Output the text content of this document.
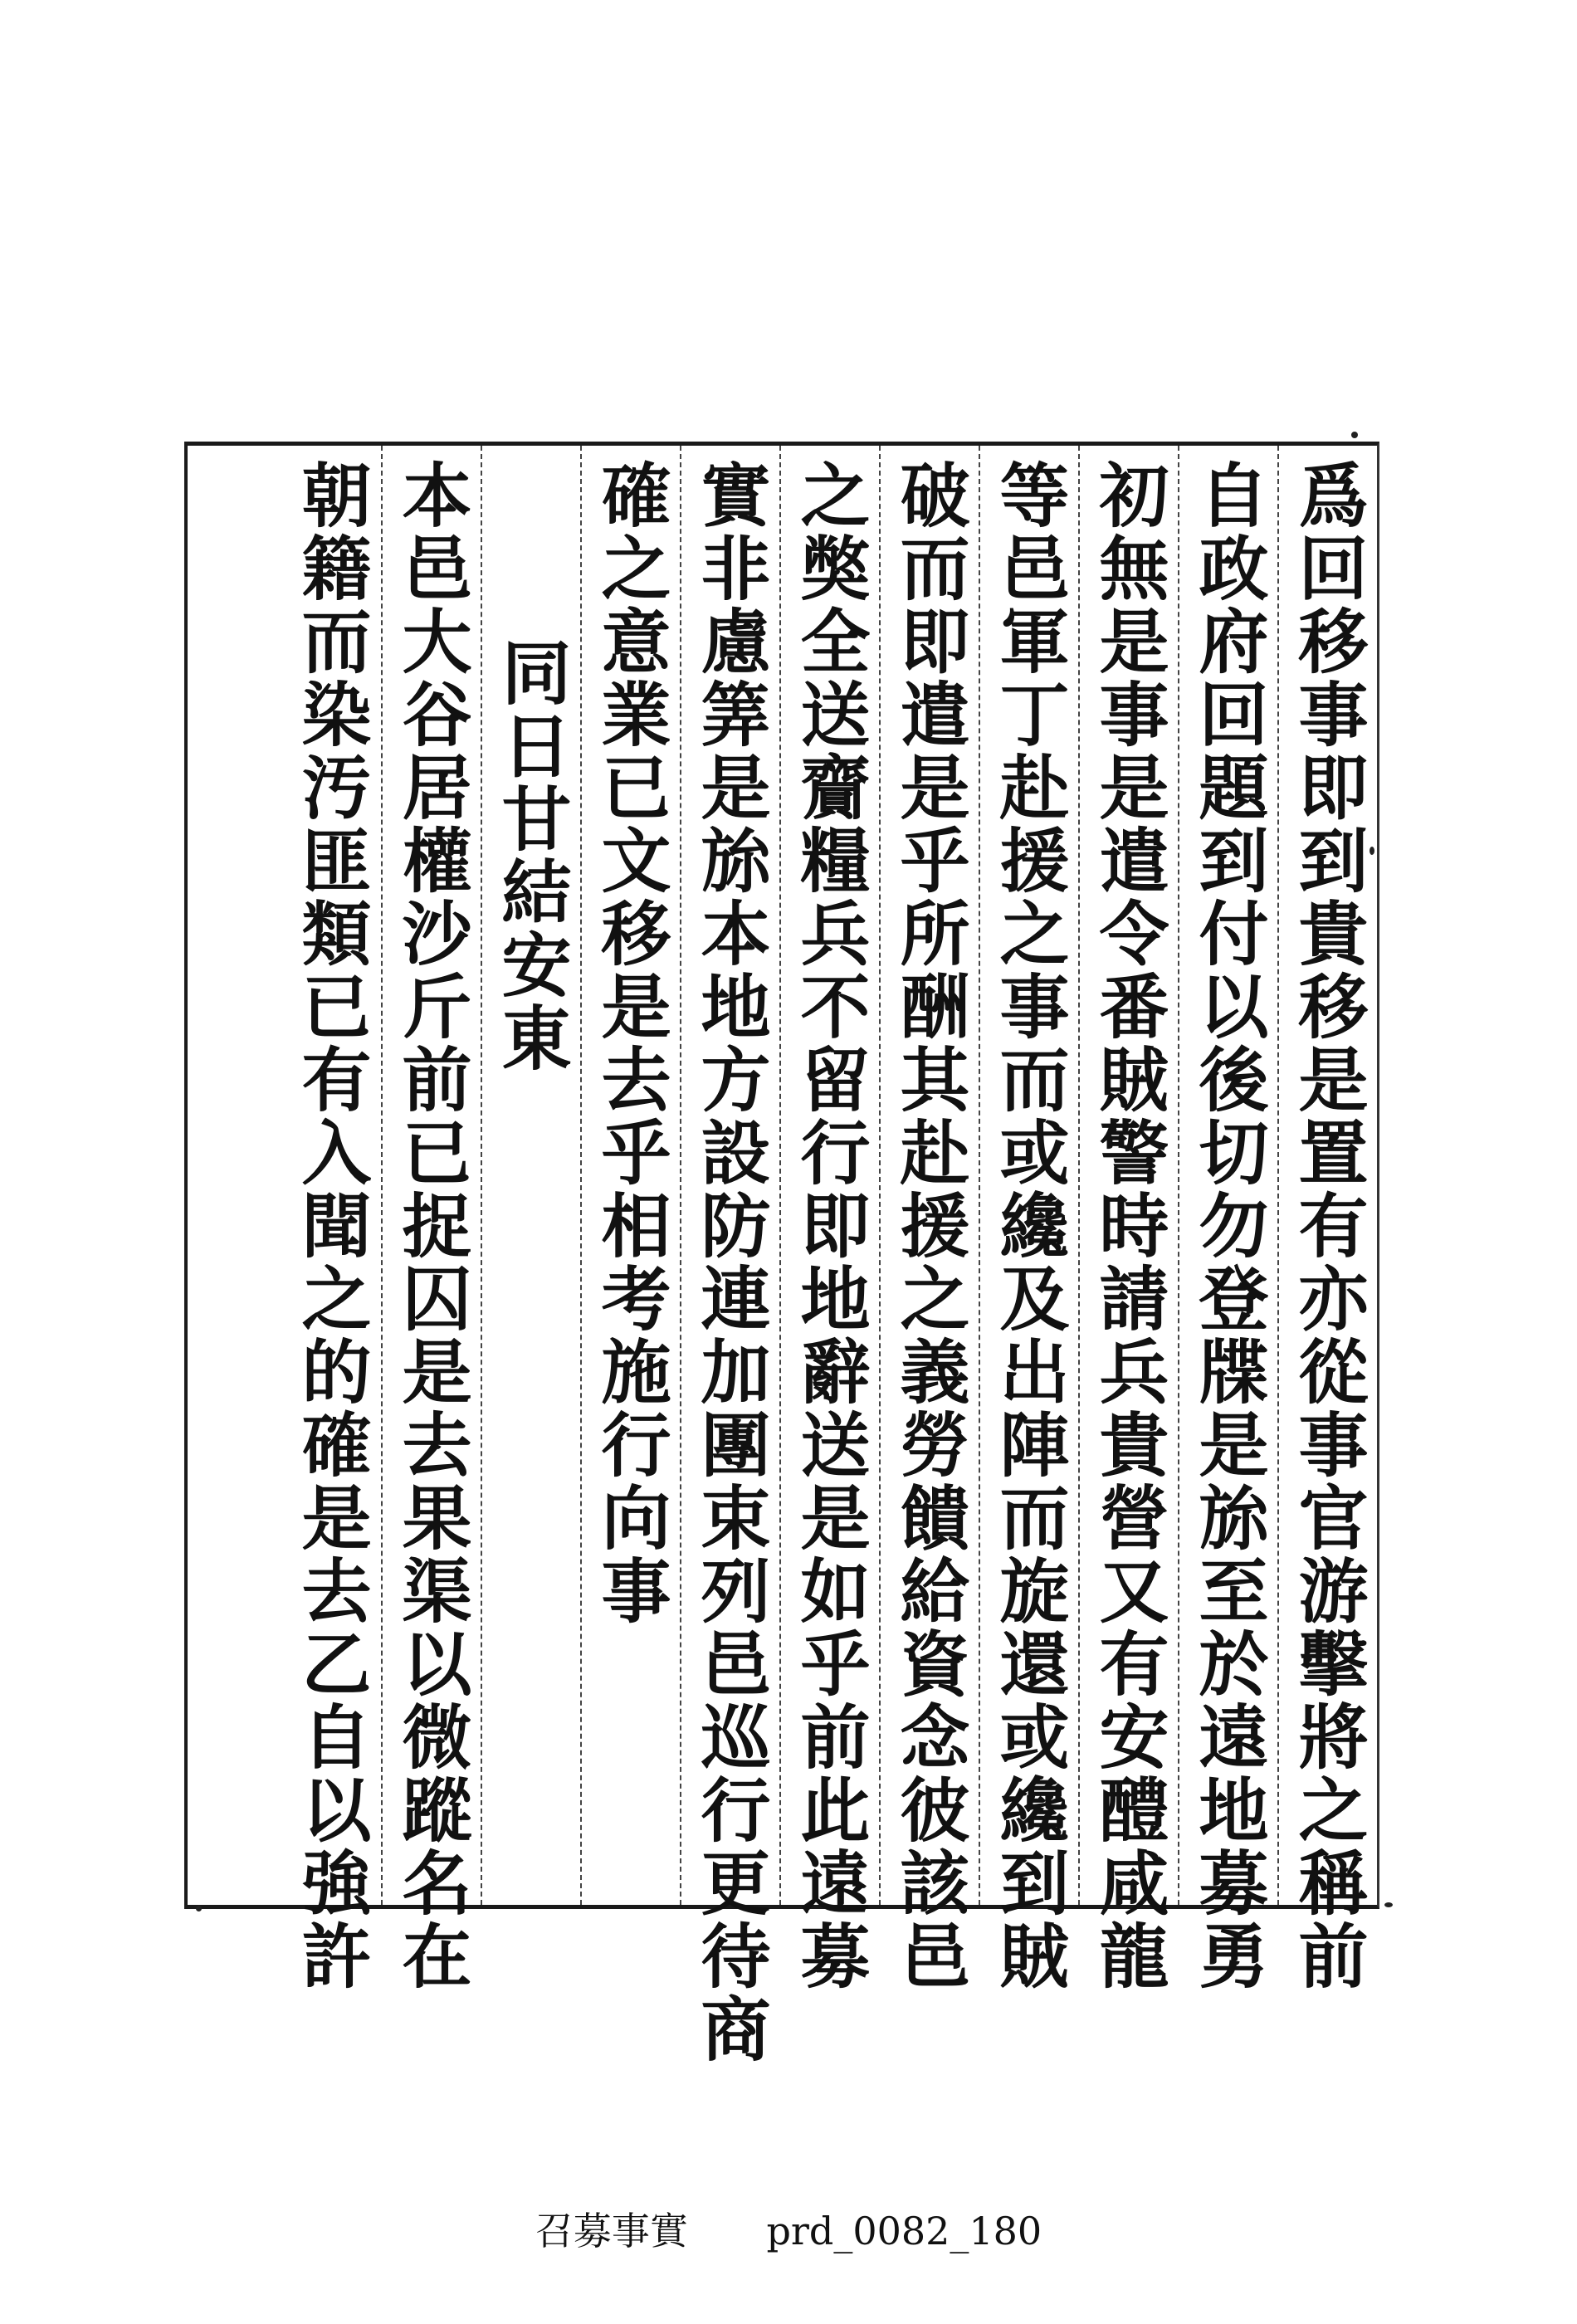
爲回移事即到貴移是置有亦從事官游擊將之稱前
自政府回題到付以後切勿登牒是旀至於遠地募勇
初無是事是遣令番賊警時請兵貴營又有安醴咸龍
等邑軍丁赴援之事而或纔及出陣而旋還或纔到賊
破而即遣是乎所酬其赴援之義勞饋給資念彼該邑
之獘全送齎糧兵不留行即地辭送是如乎前此遠募
實非慮筭是旀本地方設防連加團束列邑巡行更待商
確之意業已文移是去乎相考施行向事
同日甘結安東
本邑大谷居權沙斤前已捉囚是去果渠以微蹤名在
朝籍而染汚匪類已有入聞之的確是去乙自以強許
召募事實 prd_0082_180
